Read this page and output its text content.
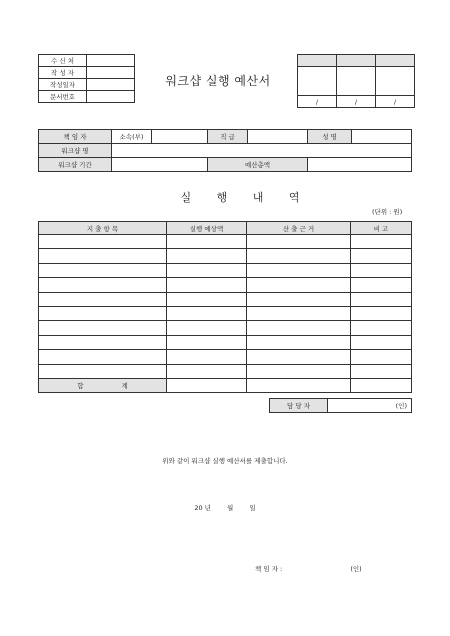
수 신 처	
작 성 자	
작성일자	
문서번호	
워크샵 실행 예산서

/	/	/
책 임 자	소속(부)		직 급		성 명	
워크샵 명						
워크샵 기간			예산총액			
실 행 내 역
(단위 : 원)
지 출 항 목	실행 예상액	산 출 근 거	비 고

합 계			
담 당 자	(인)
위와 같이 워크샵 실행 예산서를 제출합니다.
20 년 월 일
책 임 자 :	(인)
